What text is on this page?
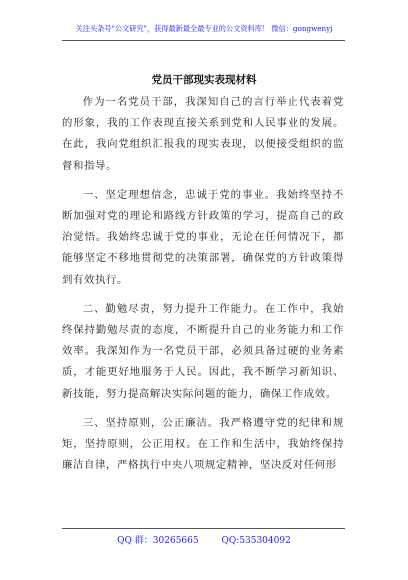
关注头条号"公文研究"，获得最新最全最专业的公文资料库！ 微信：gongwenyj
党员干部现实表现材料

作为一名党员干部，我深知自己的言行举止代表着党的形象，我的工作表现直接关系到党和人民事业的发展。在此，我向党组织汇报我的现实表现，以便接受组织的监督和指导。

一、坚定理想信念，忠诚于党的事业。我始终坚持不断加强对党的理论和路线方针政策的学习，提高自己的政治觉悟。我始终忠诚于党的事业，无论在任何情况下，都能够坚定不移地贯彻党的决策部署，确保党的方针政策得到有效执行。

二、勤勉尽责，努力提升工作能力。在工作中，我始终保持勤勉尽责的态度，不断提升自己的业务能力和工作效率。我深知作为一名党员干部，必须具备过硬的业务素质，才能更好地服务于人民。因此，我不断学习新知识、新技能，努力提高解决实际问题的能力，确保工作成效。

三、坚持原则，公正廉洁。我严格遵守党的纪律和规矩，坚持原则，公正用权。在工作和生活中，我始终保持廉洁自律，严格执行中央八项规定精神，坚决反对任何形

QQ 群：30265665	QQ:535304092
